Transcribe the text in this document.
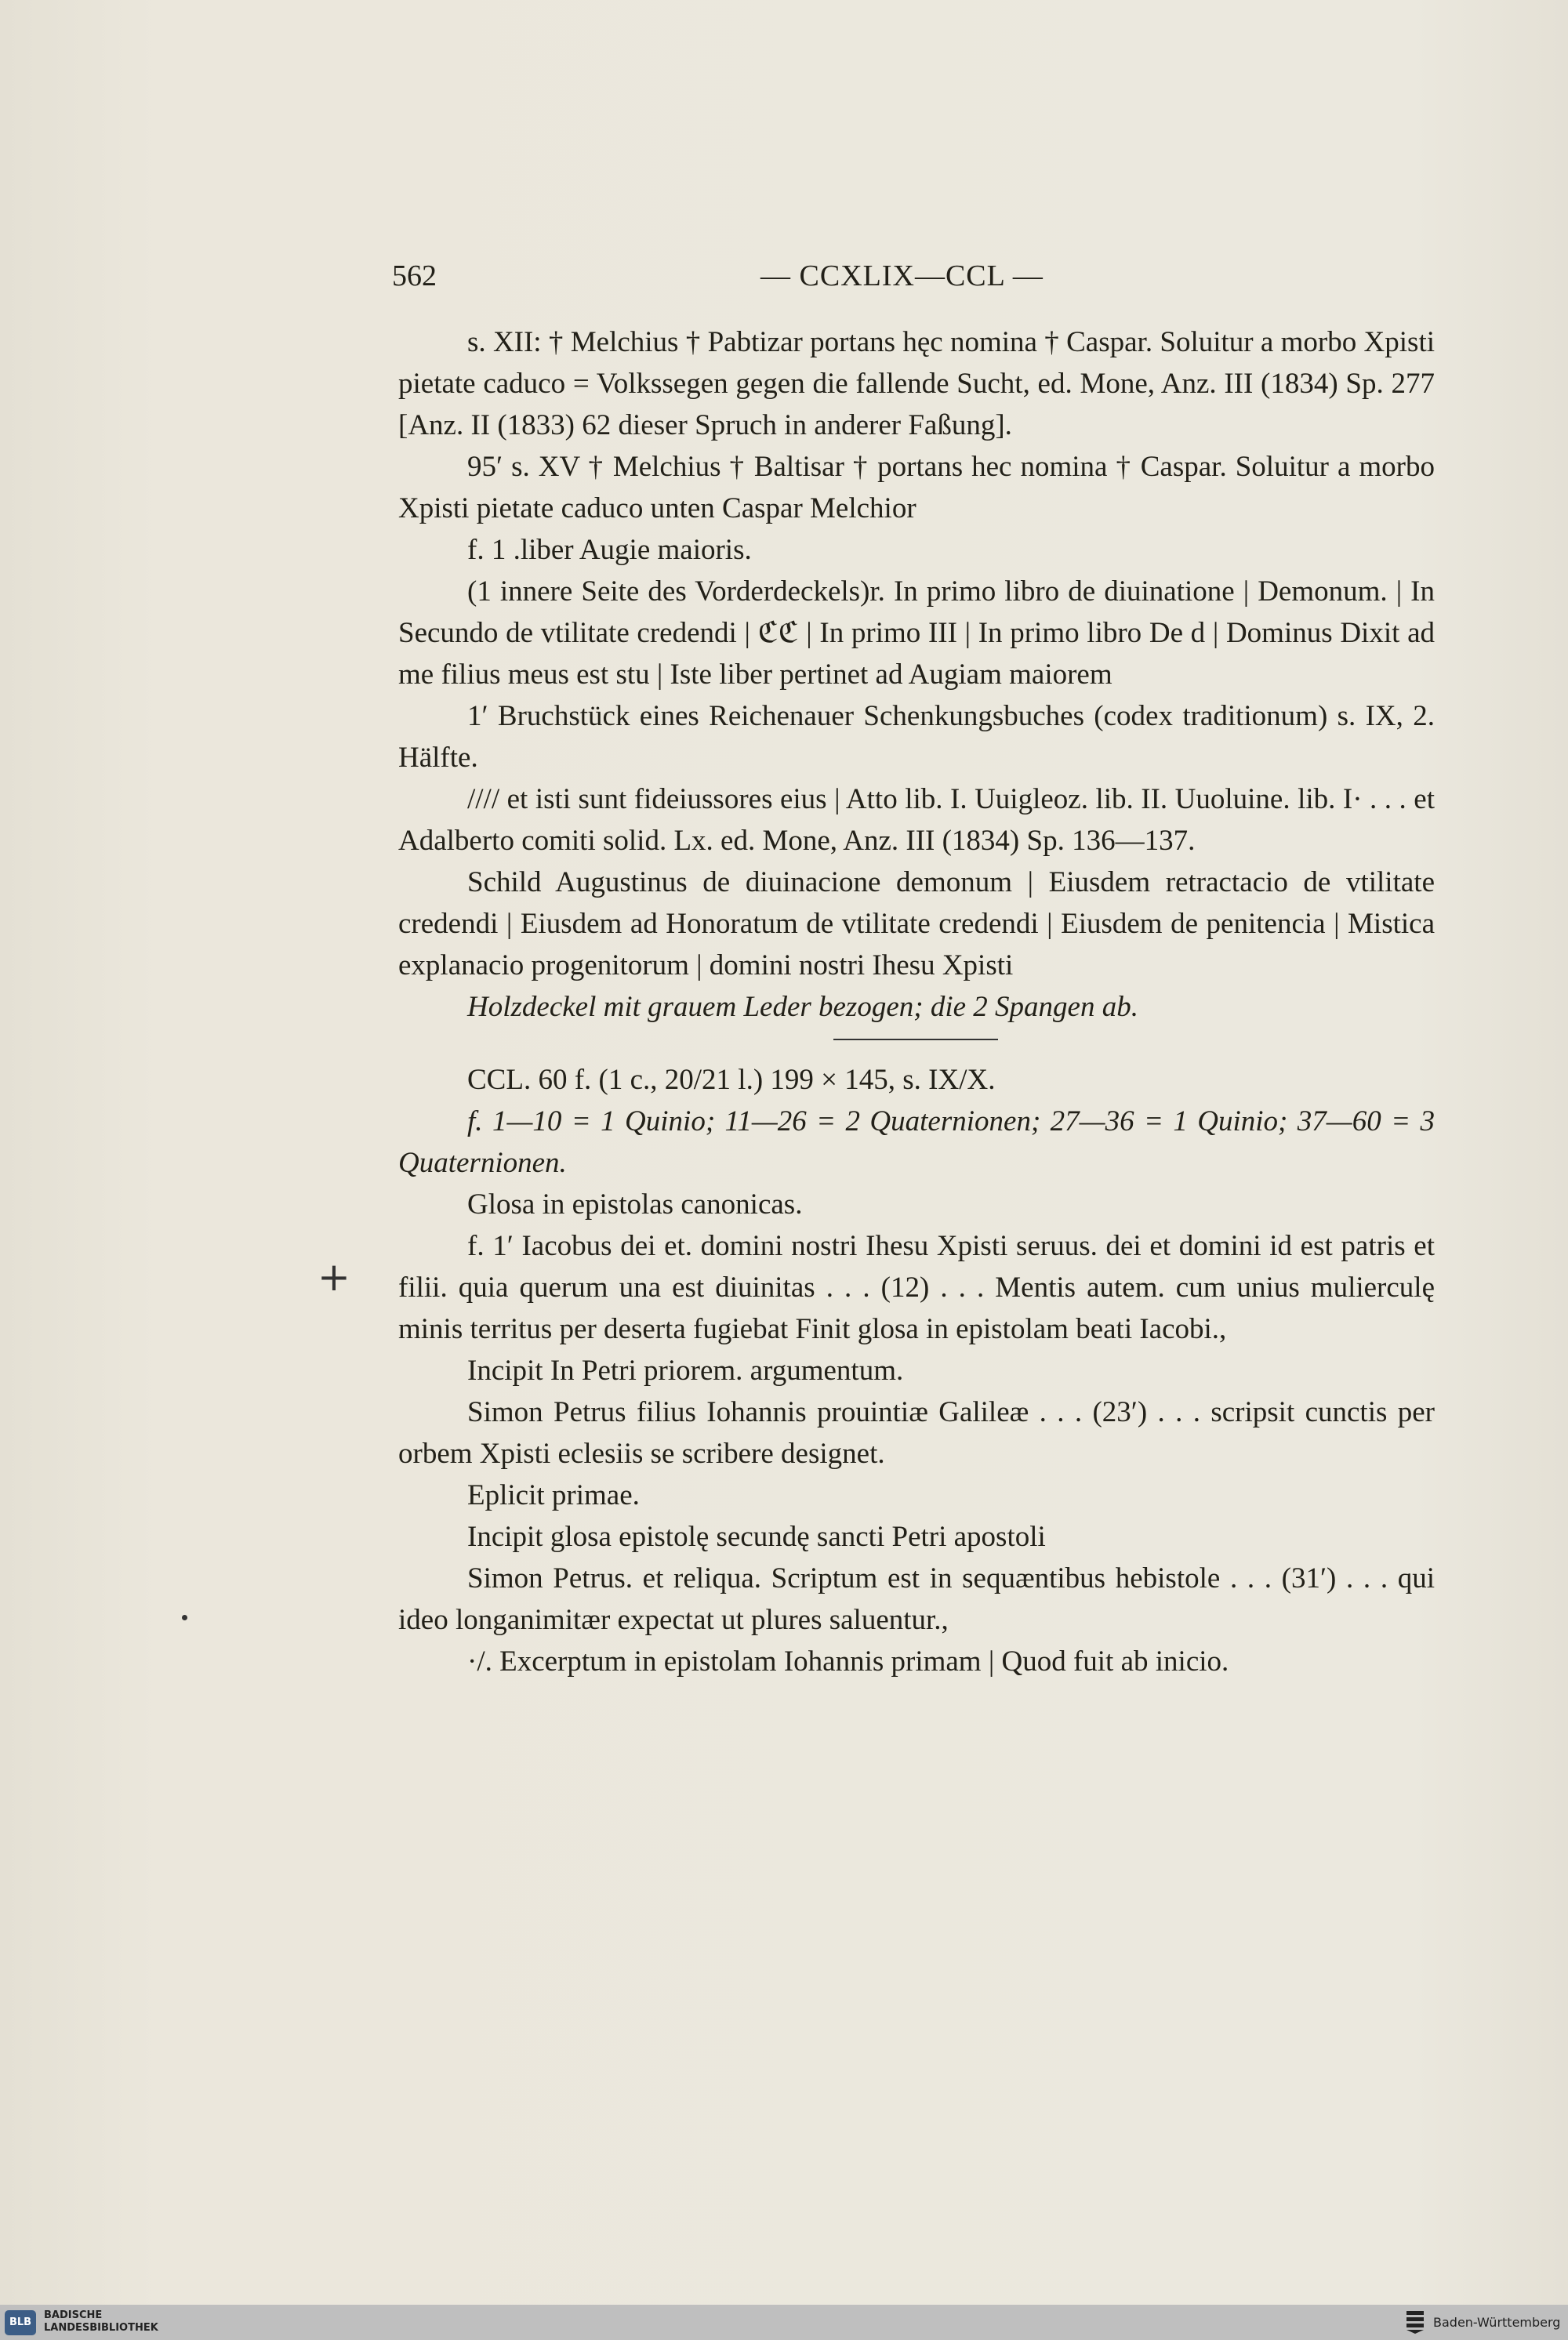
562	— CCXLIX—CCL —
+

s. XII: † Melchius † Pabtizar portans hęc nomina † Caspar. Soluitur a morbo Xpisti pietate caduco = Volkssegen gegen die fallende Sucht, ed. Mone, Anz. III (1834) Sp. 277 [Anz. II (1833) 62 dieser Spruch in anderer Faßung].

95′ s. XV † Melchius † Baltisar † portans hec nomina † Caspar. Soluitur a morbo Xpisti pietate caduco unten Caspar Melchior

f. 1 .liber Augie maioris.

(1 innere Seite des Vorderdeckels)r. In primo libro de diuinatione | Demonum. | In Secundo de vtilitate credendi | ℭℭ | In primo III | In primo libro De d | Dominus Dixit ad me filius meus est stu | Iste liber pertinet ad Augiam maiorem

1′ Bruchstück eines Reichenauer Schenkungsbuches (codex traditionum) s. IX, 2. Hälfte.

//// et isti sunt fideiussores eius | Atto lib. I. Uuigleoz. lib. II. Uuoluine. lib. I· . . . et Adalberto comiti solid. Lx. ed. Mone, Anz. III (1834) Sp. 136—137.

Schild Augustinus de diuinacione demonum | Eiusdem retractacio de vtilitate credendi | Eiusdem ad Honoratum de vtilitate credendi | Eiusdem de penitencia | Mistica explanacio progenitorum | domini nostri Ihesu Xpisti

Holzdeckel mit grauem Leder bezogen; die 2 Spangen ab.

CCL. 60 f. (1 c., 20/21 l.) 199 × 145, s. IX/X.

f. 1—10 = 1 Quinio; 11—26 = 2 Quaternionen; 27—36 = 1 Quinio; 37—60 = 3 Quaternionen.

Glosa in epistolas canonicas.

f. 1′ Iacobus dei et. domini nostri Ihesu Xpisti seruus. dei et domini id est patris et filii. quia querum una est diuinitas . . . (12) . . . Mentis autem. cum unius mulierculę minis territus per deserta fugiebat Finit glosa in epistolam beati Iacobi.,

Incipit In Petri priorem. argumentum.

Simon Petrus filius Iohannis prouintiæ Galileæ . . . (23′) . . . scripsit cunctis per orbem Xpisti eclesiis se scribere designet.

Eplicit primae.

Incipit glosa epistolę secundę sancti Petri apostoli

Simon Petrus. et reliqua. Scriptum est in sequæntibus hebistole . . . (31′) . . . qui ideo longanimitær expectat ut plures saluentur.,

·/. Excerptum in epistolam Iohannis primam | Quod fuit ab inicio.

BLB
BADISCHE
LANDESBIBLIOTHEK	Baden-Württemberg
